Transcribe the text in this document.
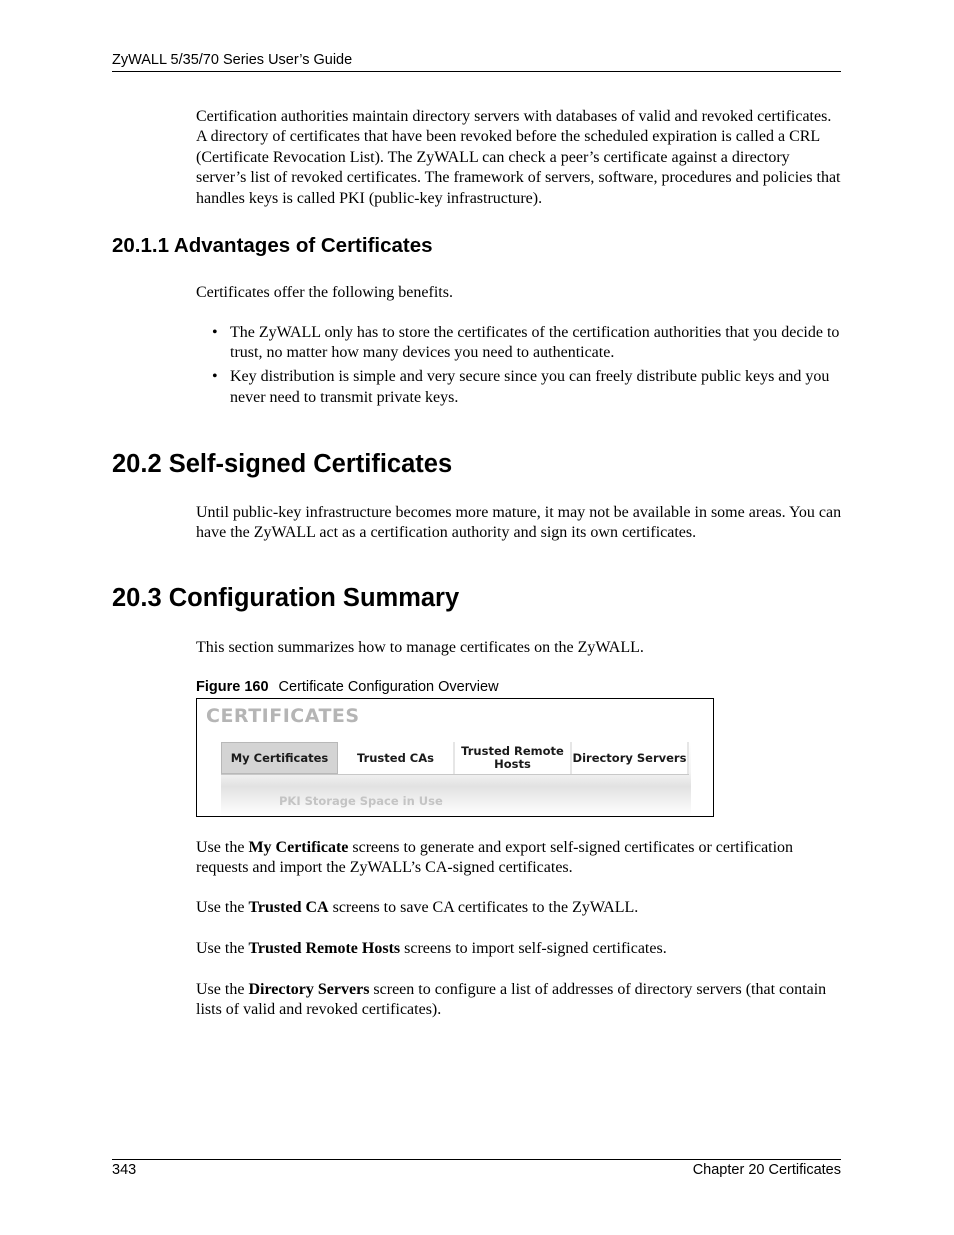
ZyWALL 5/35/70 Series User’s Guide
Certification authorities maintain directory servers with databases of valid and revoked certificates. A directory of certificates that have been revoked before the scheduled expiration is called a CRL (Certificate Revocation List). The ZyWALL can check a peer’s certificate against a directory server’s list of revoked certificates. The framework of servers, software, procedures and policies that handles keys is called PKI (public-key infrastructure).
20.1.1 Advantages of Certificates
Certificates offer the following benefits.
• The ZyWALL only has to store the certificates of the certification authorities that you decide to trust, no matter how many devices you need to authenticate.
• Key distribution is simple and very secure since you can freely distribute public keys and you never need to transmit private keys.
20.2 Self-signed Certificates
Until public-key infrastructure becomes more mature, it may not be available in some areas. You can have the ZyWALL act as a certification authority and sign its own certificates.
20.3 Configuration Summary
This section summarizes how to manage certificates on the ZyWALL.
Figure 160 Certificate Configuration Overview
CERTIFICATES
My Certificates	Trusted CAs	Trusted Remote Hosts	Directory Servers
PKI Storage Space in Use
Use the My Certificate screens to generate and export self-signed certificates or certification requests and import the ZyWALL’s CA-signed certificates.
Use the Trusted CA screens to save CA certificates to the ZyWALL.
Use the Trusted Remote Hosts screens to import self-signed certificates.
Use the Directory Servers screen to configure a list of addresses of directory servers (that contain lists of valid and revoked certificates).
343	Chapter 20 Certificates
